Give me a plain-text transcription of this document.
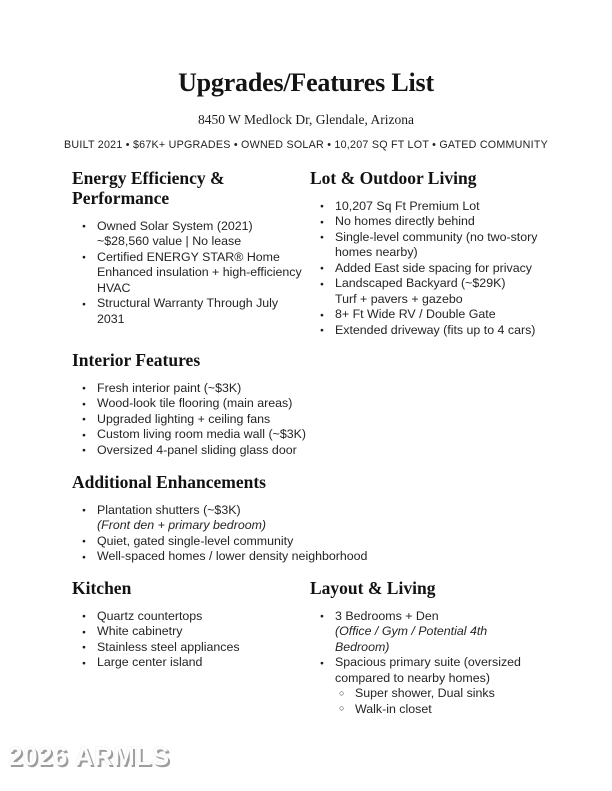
Upgrades/Features List
8450 W Medlock Dr, Glendale, Arizona
BUILT 2021 • $67K+ UPGRADES • OWNED SOLAR • 10,207 SQ FT LOT • GATED COMMUNITY
Energy Efficiency & Performance
● Owned Solar System (2021)
~$28,560 value | No lease
● Certified ENERGY STAR® Home
Enhanced insulation + high-efficiency
HVAC
● Structural Warranty Through July
2031
Lot & Outdoor Living
● 10,207 Sq Ft Premium Lot
● No homes directly behind
● Single-level community (no two-story
homes nearby)
● Added East side spacing for privacy
● Landscaped Backyard (~$29K)
Turf + pavers + gazebo
● 8+ Ft Wide RV / Double Gate
● Extended driveway (fits up to 4 cars)
Interior Features
● Fresh interior paint (~$3K)
● Wood-look tile flooring (main areas)
● Upgraded lighting + ceiling fans
● Custom living room media wall (~$3K)
● Oversized 4-panel sliding glass door
Additional Enhancements
● Plantation shutters (~$3K)
(Front den + primary bedroom)
● Quiet, gated single-level community
● Well-spaced homes / lower density neighborhood
Kitchen
● Quartz countertops
● White cabinetry
● Stainless steel appliances
● Large center island
Layout & Living
● 3 Bedrooms + Den
(Office / Gym / Potential 4th
Bedroom)
● Spacious primary suite (oversized
compared to nearby homes)
○ Super shower, Dual sinks
○ Walk-in closet
2026 ARMLS
